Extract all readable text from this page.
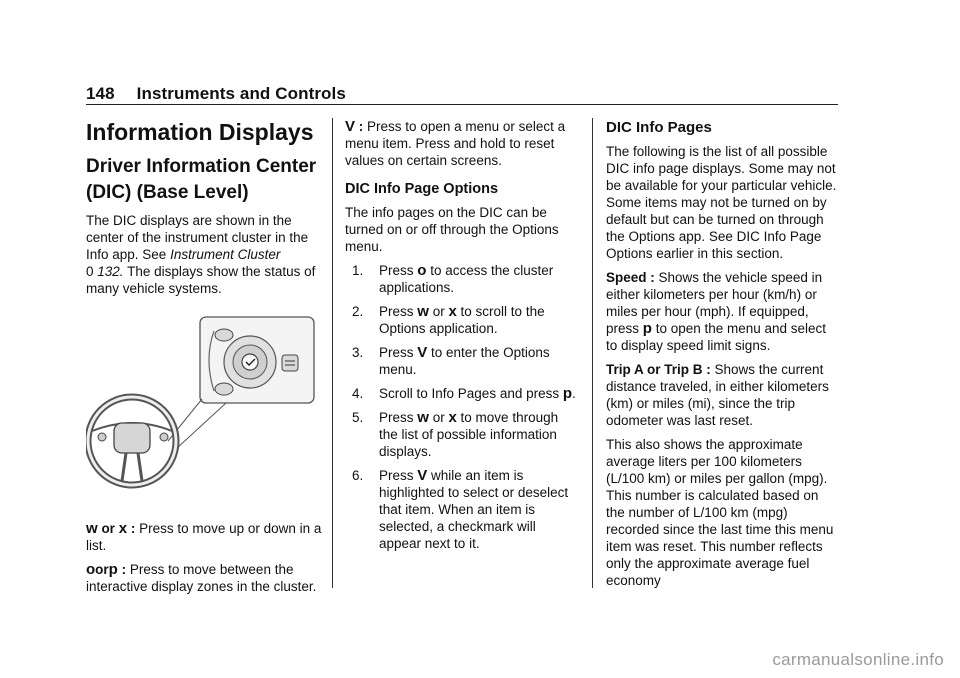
148 Instruments and Controls
Information Displays
Driver Information Center (DIC) (Base Level)

The DIC displays are shown in the center of the instrument cluster in the Info app. See Instrument Cluster
0 132. The displays show the status of many vehicle systems.

w or x : Press to move up or down in a list.

oorp : Press to move between the interactive display zones in the cluster.

V : Press to open a menu or select a menu item. Press and hold to reset values on certain screens.

DIC Info Page Options

The info pages on the DIC can be turned on or off through the Options menu.

1. Press o to access the cluster applications.
2. Press w or x to scroll to the Options application.
3. Press V to enter the Options menu.
4. Scroll to Info Pages and press p.
5. Press w or x to move through the list of possible information displays.
6. Press V while an item is highlighted to select or deselect that item. When an item is selected, a checkmark will appear next to it.
DIC Info Pages

The following is the list of all possible DIC info page displays. Some may not be available for your particular vehicle. Some items may not be turned on by default but can be turned on through the Options app. See DIC Info Page Options earlier in this section.

Speed : Shows the vehicle speed in either kilometers per hour (km/h) or miles per hour (mph). If equipped, press p to open the menu and select to display speed limit signs.

Trip A or Trip B : Shows the current distance traveled, in either kilometers (km) or miles (mi), since the trip odometer was last reset.

This also shows the approximate average liters per 100 kilometers (L/100 km) or miles per gallon (mpg). This number is calculated based on the number of L/100 km (mpg) recorded since the last time this menu item was reset. This number reflects only the approximate average fuel economy

carmanualsonline.info
